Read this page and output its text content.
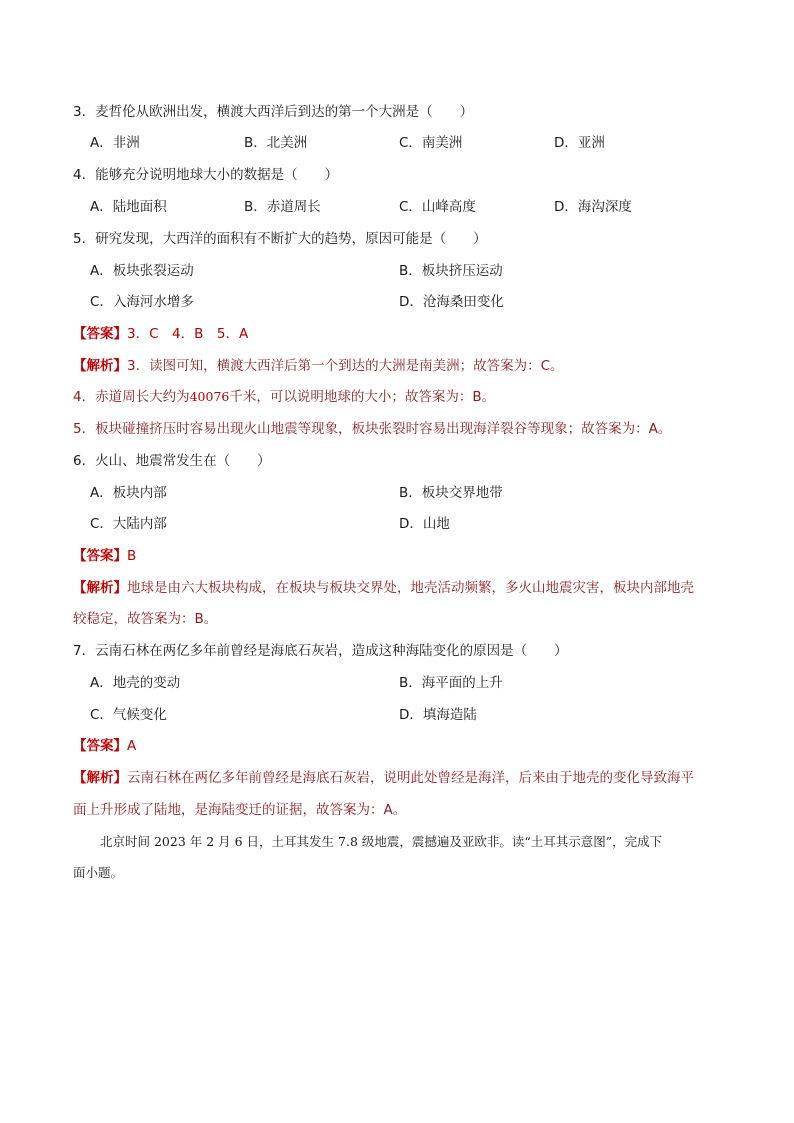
3．麦哲伦从欧洲出发，横渡大西洋后到达的第一个大洲是（　　）
A．非洲	B．北美洲	C．南美洲	D．亚洲
4．能够充分说明地球大小的数据是（　　）
A．陆地面积	B．赤道周长	C．山峰高度	D．海沟深度
5．研究发现，大西洋的面积有不断扩大的趋势，原因可能是（　　）
A．板块张裂运动	B．板块挤压运动
C．入海河水增多	D．沧海桑田变化
【答案】3．C　4．B　5．A
【解析】3．读图可知，横渡大西洋后第一个到达的大洲是南美洲；故答案为：C。
4．赤道周长大约为40076千米，可以说明地球的大小；故答案为：B。
5．板块碰撞挤压时容易出现火山地震等现象，板块张裂时容易出现海洋裂谷等现象；故答案为：A。
6．火山、地震常发生在（　　）
A．板块内部	B．板块交界地带
C．大陆内部	D．山地
【答案】B
【解析】地球是由六大板块构成，在板块与板块交界处，地壳活动频繁，多火山地震灾害，板块内部地壳
较稳定，故答案为：B。
7．云南石林在两亿多年前曾经是海底石灰岩，造成这种海陆变化的原因是（　　）
A．地壳的变动	B．海平面的上升
C．气候变化	D．填海造陆
【答案】A
【解析】云南石林在两亿多年前曾经是海底石灰岩，说明此处曾经是海洋，后来由于地壳的变化导致海平
面上升形成了陆地，是海陆变迁的证据，故答案为：A。
北京时间 2023 年 2 月 6 日，土耳其发生 7.8 级地震，震撼遍及亚欧非。读“土耳其示意图”，完成下
面小题。
